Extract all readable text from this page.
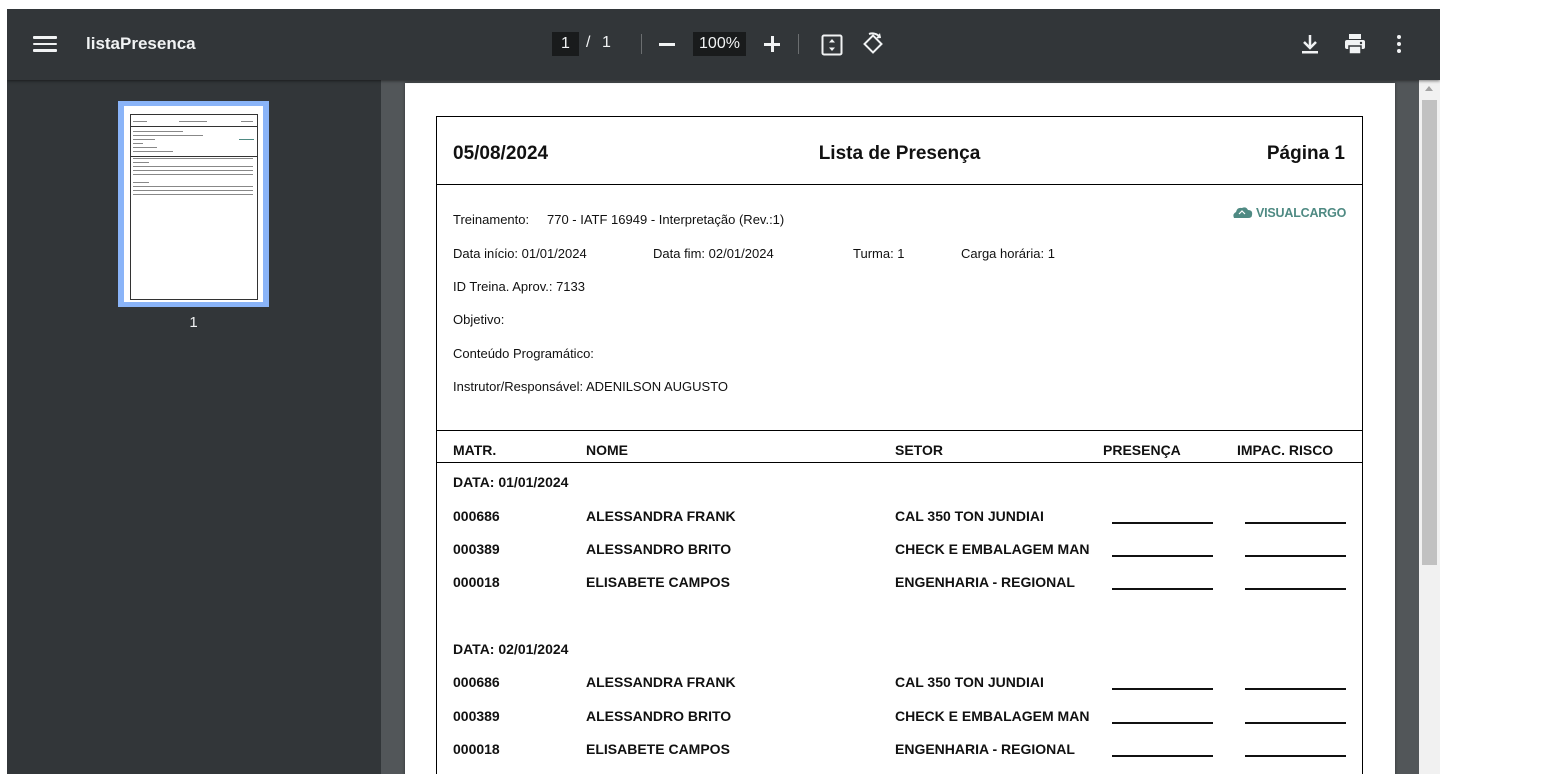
listaPresenca	1	/ 1	100%
1
05/08/2024	Lista de Presença	Página 1
Treinamento: 770 - IATF 16949 - Interpretação (Rev.:1)
Data início: 01/01/2024	Data fim: 02/01/2024	Turma: 1	Carga horária: 1
ID Treina. Aprov.: 7133
Objetivo:
Conteúdo Programático:
Instrutor/Responsável: ADENILSON AUGUSTO
VISUALCARGO
MATR.	NOME	SETOR	PRESENÇA	IMPAC. RISCO
DATA: 01/01/2024
000686	ALESSANDRA FRANK	CAL 350 TON JUNDIAI
000389	ALESSANDRO BRITO	CHECK E EMBALAGEM MAN
000018	ELISABETE CAMPOS	ENGENHARIA - REGIONAL
DATA: 02/01/2024
000686	ALESSANDRA FRANK	CAL 350 TON JUNDIAI
000389	ALESSANDRO BRITO	CHECK E EMBALAGEM MAN
000018	ELISABETE CAMPOS	ENGENHARIA - REGIONAL
